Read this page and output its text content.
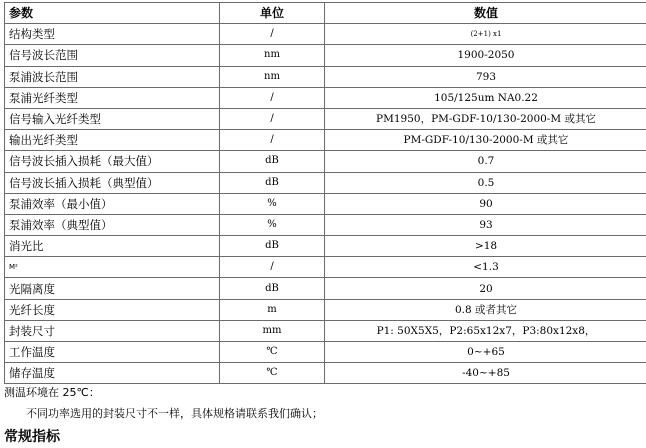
参数	单位	数值
结构类型	/	(2+1) x1
信号波长范围	nm	1900-2050
泵浦波长范围	nm	793
泵浦光纤类型	/	105/125um NA0.22
信号输入光纤类型	/	PM1950，PM-GDF-10/130-2000-M 或其它
输出光纤类型	/	PM-GDF-10/130-2000-M 或其它
信号波长插入损耗（最大值）	dB	0.7
信号波长插入损耗（典型值）	dB	0.5
泵浦效率（最小值）	%	90
泵浦效率（典型值）	%	93
消光比	dB	>18
M²	/	<1.3
光隔离度	dB	20
光纤长度	m	0.8 或者其它
封装尺寸	mm	P1: 50X5X5，P2:65x12x7，P3:80x12x8，
工作温度	℃	0~+65
储存温度	℃	-40~+85
测温环境在 25℃：
不同功率选用的封装尺寸不一样，具体规格请联系我们确认；
常规指标
